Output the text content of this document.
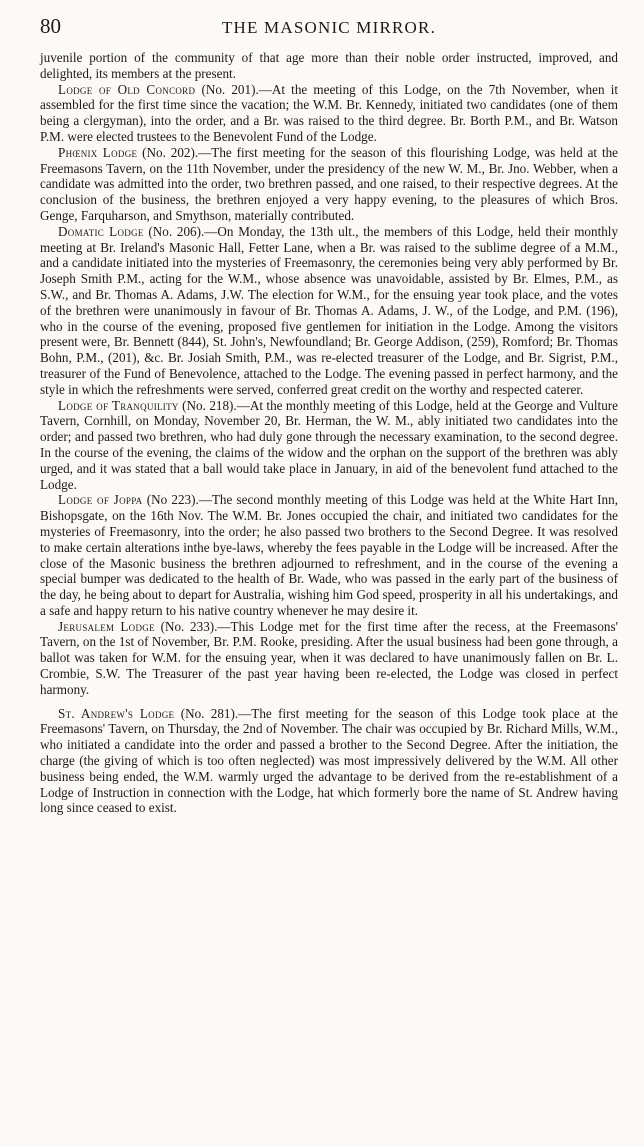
80	THE MASONIC MIRROR.

juvenile portion of the community of that age more than their noble order instructed, improved, and delighted, its members at the present.

Lodge of Old Concord (No. 201).—At the meeting of this Lodge, on the 7th November, when it assembled for the first time since the vacation; the W.M. Br. Kennedy, initiated two candidates (one of them being a clergyman), into the order, and a Br. was raised to the third degree. Br. Borth P.M., and Br. Watson P.M. were elected trustees to the Benevolent Fund of the Lodge.

Phœnix Lodge (No. 202).—The first meeting for the season of this flourishing Lodge, was held at the Freemasons Tavern, on the 11th November, under the presidency of the new W. M., Br. Jno. Webber, when a candidate was admitted into the order, two brethren passed, and one raised, to their respective degrees. At the conclusion of the business, the brethren enjoyed a very happy evening, to the pleasures of which Bros. Genge, Farquharson, and Smythson, materially contributed.

Domatic Lodge (No. 206).—On Monday, the 13th ult., the members of this Lodge, held their monthly meeting at Br. Ireland's Masonic Hall, Fetter Lane, when a Br. was raised to the sublime degree of a M.M., and a candidate initiated into the mysteries of Freemasonry, the ceremonies being very ably performed by Br. Joseph Smith P.M., acting for the W.M., whose absence was unavoidable, assisted by Br. Elmes, P.M., as S.W., and Br. Thomas A. Adams, J.W. The election for W.M., for the ensuing year took place, and the votes of the brethren were unanimously in favour of Br. Thomas A. Adams, J. W., of the Lodge, and P.M. (196), who in the course of the evening, proposed five gentlemen for initiation in the Lodge. Among the visitors present were, Br. Bennett (844), St. John's, Newfoundland; Br. George Addison, (259), Romford; Br. Thomas Bohn, P.M., (201), &c. Br. Josiah Smith, P.M., was re-elected treasurer of the Lodge, and Br. Sigrist, P.M., treasurer of the Fund of Benevolence, attached to the Lodge. The evening passed in perfect harmony, and the style in which the refreshments were served, conferred great credit on the worthy and respected caterer.

Lodge of Tranquility (No. 218).—At the monthly meeting of this Lodge, held at the George and Vulture Tavern, Cornhill, on Monday, November 20, Br. Herman, the W. M., ably initiated two candidates into the order; and passed two brethren, who had duly gone through the necessary examination, to the second degree. In the course of the evening, the claims of the widow and the orphan on the support of the brethren was ably urged, and it was stated that a ball would take place in January, in aid of the benevolent fund attached to the Lodge.

Lodge of Joppa (No 223).—The second monthly meeting of this Lodge was held at the White Hart Inn, Bishopsgate, on the 16th Nov. The W.M. Br. Jones occupied the chair, and initiated two candidates for the mysteries of Freemasonry, into the order; he also passed two brothers to the Second Degree. It was resolved to make certain alterations inthe bye-laws, whereby the fees payable in the Lodge will be increased. After the close of the Masonic business the brethren adjourned to refreshment, and in the course of the evening a special bumper was dedicated to the health of Br. Wade, who was passed in the early part of the business of the day, he being about to depart for Australia, wishing him God speed, prosperity in all his undertakings, and a safe and happy return to his native country whenever he may desire it.

Jerusalem Lodge (No. 233).—This Lodge met for the first time after the recess, at the Freemasons' Tavern, on the 1st of November, Br. P.M. Rooke, presiding. After the usual business had been gone through, a ballot was taken for W.M. for the ensuing year, when it was declared to have unanimously fallen on Br. L. Crombie, S.W. The Treasurer of the past year having been re-elected, the Lodge was closed in perfect harmony.

St. Andrew's Lodge (No. 281).—The first meeting for the season of this Lodge took place at the Freemasons' Tavern, on Thursday, the 2nd of November. The chair was occupied by Br. Richard Mills, W.M., who initiated a candidate into the order and passed a brother to the Second Degree. After the initiation, the charge (the giving of which is too often neglected) was most impressively delivered by the W.M. All other business being ended, the W.M. warmly urged the advantage to be derived from the re-establishment of a Lodge of Instruction in connection with the Lodge, hat which formerly bore the name of St. Andrew having long since ceased to exist.
